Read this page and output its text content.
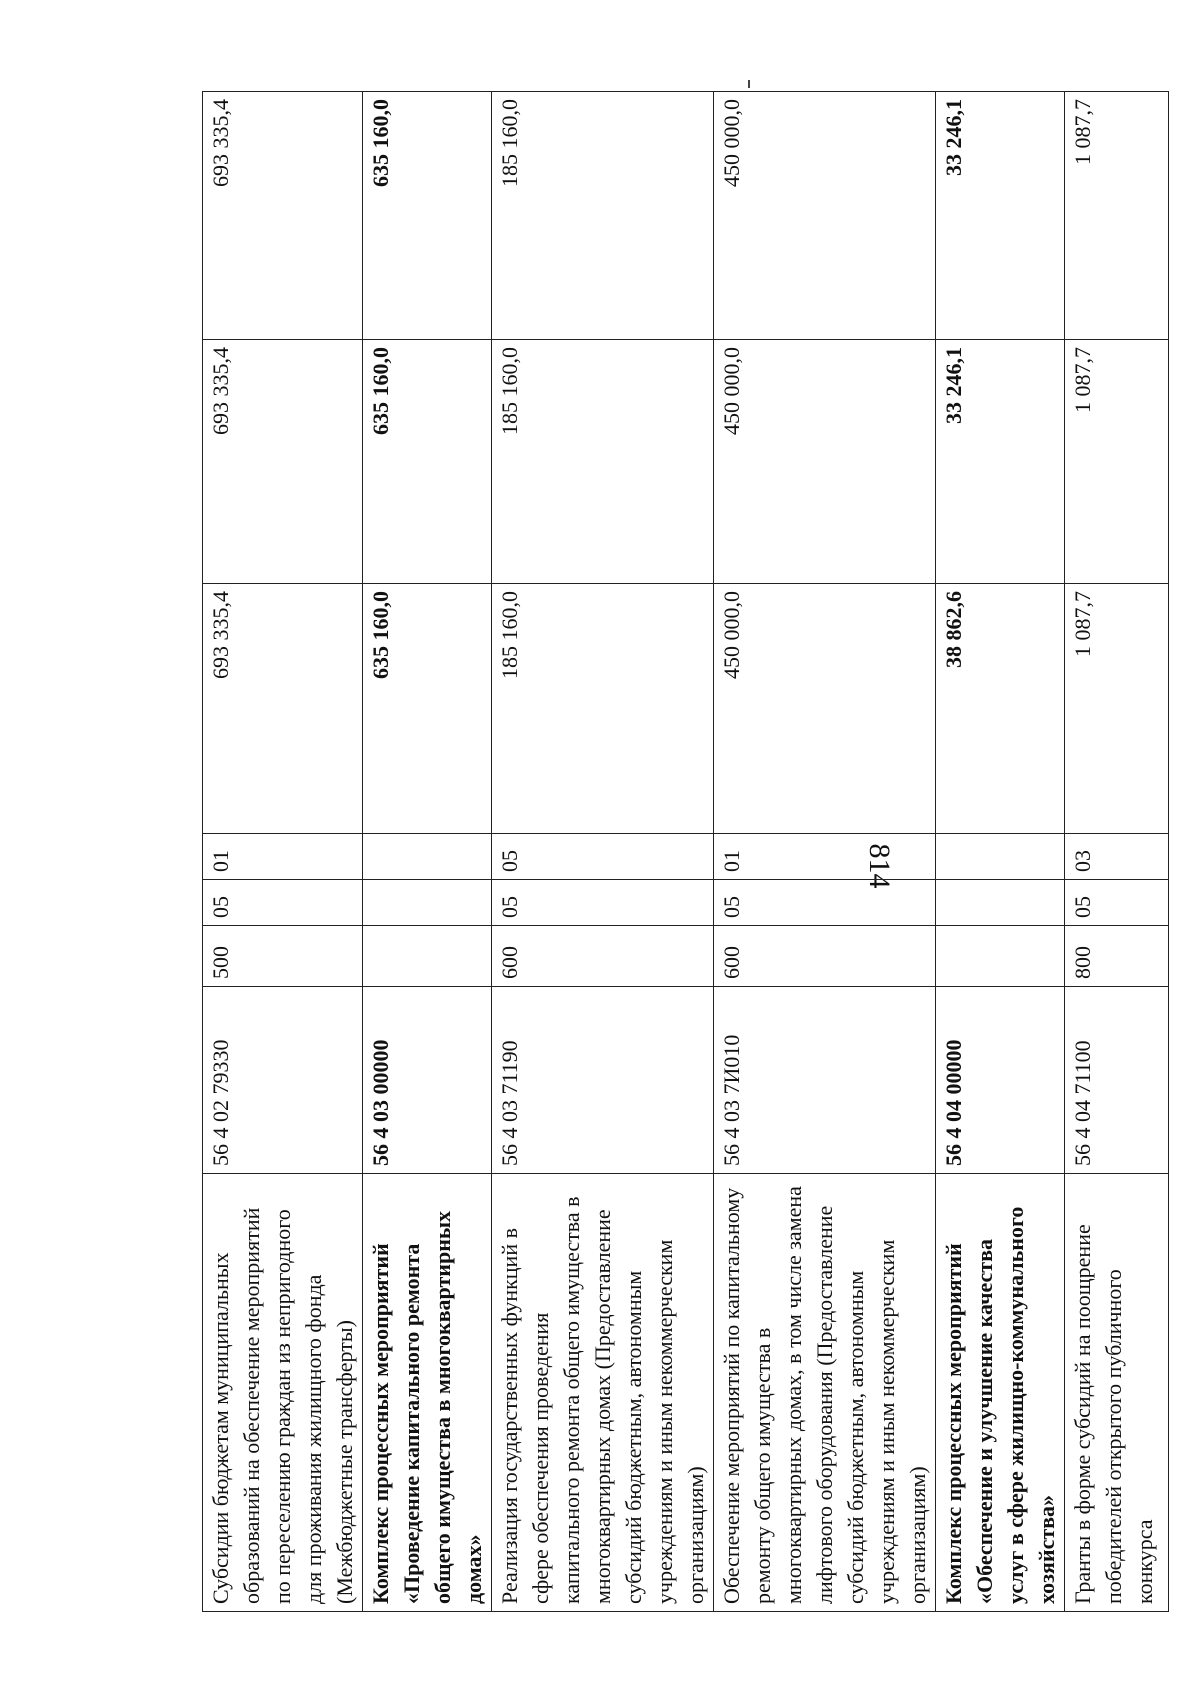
814
Субсидии бюджетам муниципальных образований на обеспечение мероприятий по переселению граждан из непригодного для проживания жилищного фонда (Межбюджетные трансферты)	56 4 02 79330	500	05	01	693 335,4	693 335,4	693 335,4
Комплекс процессных мероприятий «Проведение капитального ремонта общего имущества в многоквартирных домах»	56 4 03 00000				635 160,0	635 160,0	635 160,0
Реализация государственных функций в сфере обеспечения проведения капитального ремонта общего имущества в многоквартирных домах (Предоставление субсидий бюджетным, автономным учреждениям и иным некоммерческим организациям)	56 4 03 71190	600	05	05	185 160,0	185 160,0	185 160,0
Обеспечение мероприятий по капитальному ремонту общего имущества в многоквартирных домах, в том числе замена лифтового оборудования (Предоставление субсидий бюджетным, автономным учреждениям и иным некоммерческим организациям)	56 4 03 7И010	600	05	01	450 000,0	450 000,0	450 000,0
Комплекс процессных мероприятий «Обеспечение и улучшение качества услуг в сфере жилищно-коммунального хозяйства»	56 4 04 00000				38 862,6	33 246,1	33 246,1
Гранты в форме субсидий на поощрение победителей открытого публичного конкурса	56 4 04 71100	800	05	03	1 087,7	1 087,7	1 087,7
